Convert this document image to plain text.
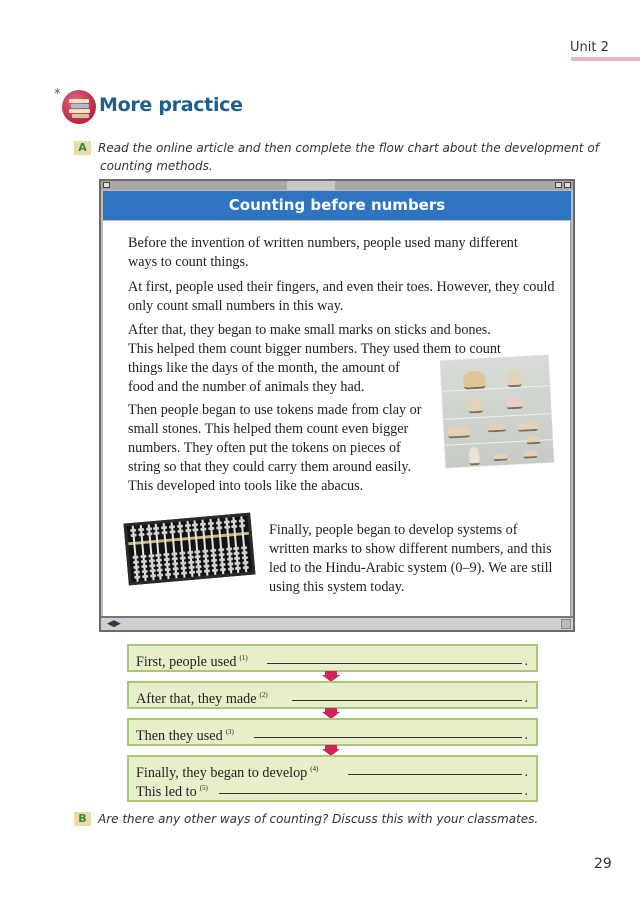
Unit 2
* More practice
A Read the online article and then complete the flow chart about the development of
counting methods.
Counting before numbers
Before the invention of written numbers, people used many different ways to count things.
At first, people used their fingers, and even their toes. However, they could only count small numbers in this way.
After that, they began to make small marks on sticks and bones.
This helped them count bigger numbers. They used them to count
things like the days of the month, the amount of
food and the number of animals they had.
Then people began to use tokens made from clay or small stones. This helped them count even bigger numbers. They often put the tokens on pieces of string so that they could carry them around easily. This developed into tools like the abacus.
Finally, people began to develop systems of written marks to show different numbers, and this led to the Hindu-Arabic system (0–9). We are still using this system today.
◀▶
First, people used $^{(1)}$	.
After that, they made $^{(2)}$	.
Then they used $^{(3)}$	.
Finally, they began to develop $^{(4)}$	.
This led to $^{(5)}$	.
B Are there any other ways of counting? Discuss this with your classmates.
29
